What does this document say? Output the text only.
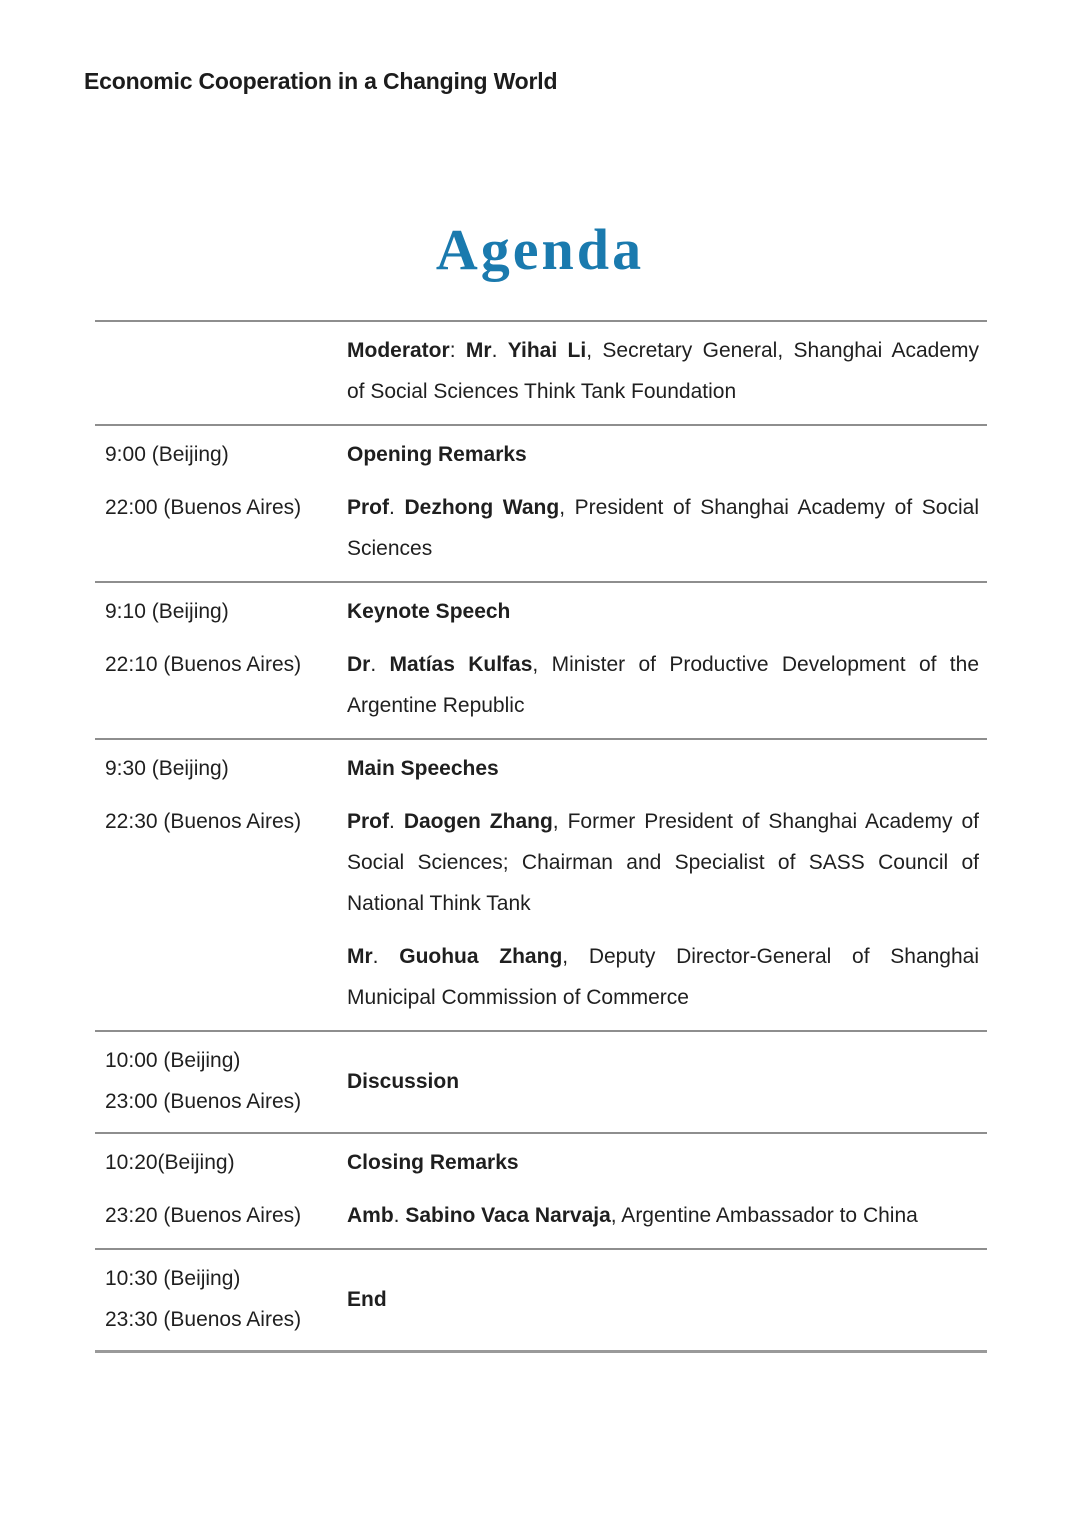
Economic Cooperation in a Changing World
Agenda
Moderator: Mr. Yihai Li, Secretary General, Shanghai Academy
of Social Sciences Think Tank Foundation
9:00 (Beijing)
22:00 (Buenos Aires)
Opening Remarks
Prof. Dezhong Wang, President of Shanghai Academy of Social
Sciences
9:10 (Beijing)
22:10 (Buenos Aires)
Keynote Speech
Dr. Matías Kulfas, Minister of Productive Development of the
Argentine Republic
9:30 (Beijing)
22:30 (Buenos Aires)
Main Speeches
Prof. Daogen Zhang, Former President of Shanghai Academy of
Social Sciences; Chairman and Specialist of SASS Council of
National Think Tank
Mr. Guohua Zhang, Deputy Director-General of Shanghai
Municipal Commission of Commerce
10:00 (Beijing)
23:00 (Buenos Aires)
Discussion
10:20(Beijing)
23:20 (Buenos Aires)
Closing Remarks
Amb. Sabino Vaca Narvaja, Argentine Ambassador to China
10:30 (Beijing)
23:30 (Buenos Aires)
End
